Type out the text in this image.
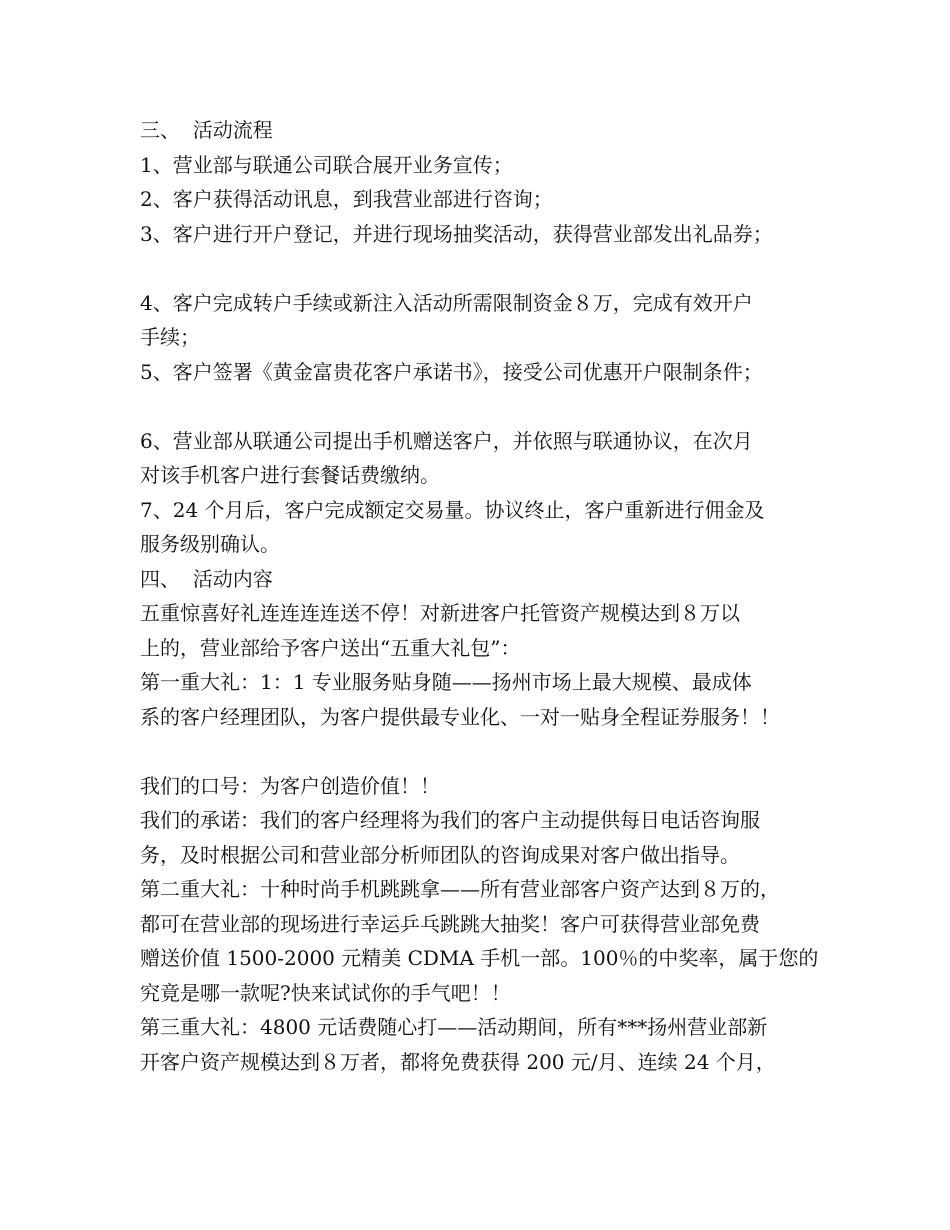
三、  活动流程

1、营业部与联通公司联合展开业务宣传；

2、客户获得活动讯息，到我营业部进行咨询；

3、客户进行开户登记，并进行现场抽奖活动，获得营业部发出礼品券；

4、客户完成转户手续或新注入活动所需限制资金８万，完成有效开户

手续；

5、客户签署《黄金富贵花客户承诺书》，接受公司优惠开户限制条件；

6、营业部从联通公司提出手机赠送客户，并依照与联通协议，在次月

对该手机客户进行套餐话费缴纳。

7、24 个月后，客户完成额定交易量。协议终止，客户重新进行佣金及

服务级别确认。

四、  活动内容

五重惊喜好礼连连连连送不停！对新进客户托管资产规模达到８万以

上的，营业部给予客户送出“五重大礼包”：

第一重大礼：1：1 专业服务贴身随——扬州市场上最大规模、最成体

系的客户经理团队，为客户提供最专业化、一对一贴身全程证券服务！！

我们的口号：为客户创造价值！！

我们的承诺：我们的客户经理将为我们的客户主动提供每日电话咨询服

务，及时根据公司和营业部分析师团队的咨询成果对客户做出指导。

第二重大礼：十种时尚手机跳跳拿——所有营业部客户资产达到８万的，

都可在营业部的现场进行幸运乒乓跳跳大抽奖！客户可获得营业部免费

赠送价值 1500-2000 元精美 CDMA 手机一部。100％的中奖率，属于您的

究竟是哪一款呢?快来试试你的手气吧！！

第三重大礼：4800 元话费随心打——活动期间，所有***扬州营业部新

开客户资产规模达到８万者，都将免费获得 200 元/月、连续 24 个月，
